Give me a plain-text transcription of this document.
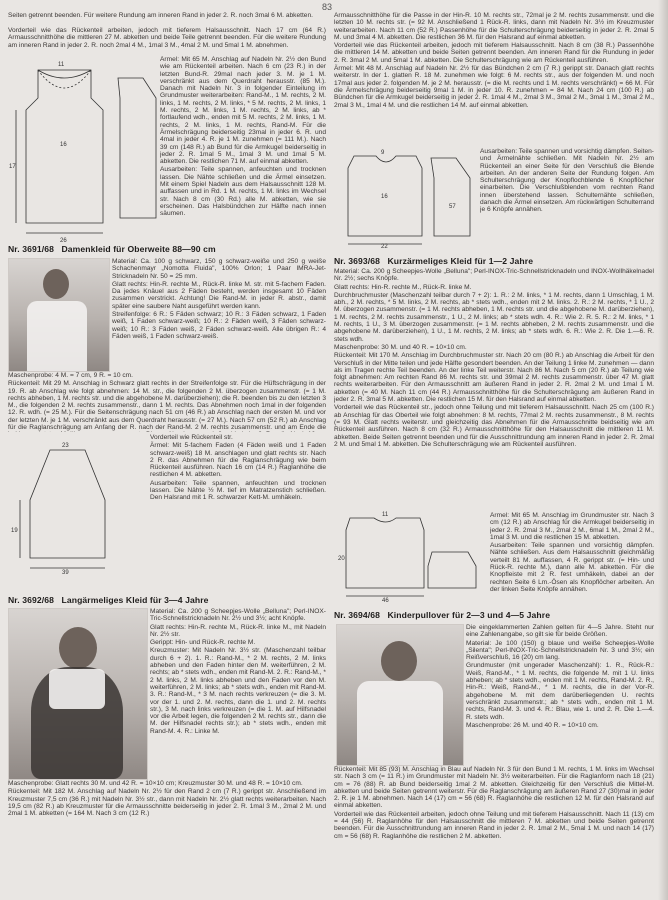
83

Seiten getrennt beenden. Für weitere Rundung am inneren Rand in jeder 2. R. noch 3mal 6 M. abketten.

Vorderteil wie das Rückenteil arbeiten, jedoch mit tieferem Halsausschnitt. Nach 17 cm (64 R.) Armausschnitthöhe die mittleren 27 M. abketten und beide Teile getrennt beenden. Für die weitere Rundung am inneren Rand in jeder 2. R. noch 2mal 4 M., 1mal 3 M., 4mal 2 M. und 5mal 1 M. abnehmen.

Ärmel: Mit 65 M. Anschlag auf Nadeln Nr. 2½ den Bund wie am Rückenteil arbeiten. Nach 6 cm (23 R.) in der letzten Bund-R. 29mal nach jeder 3. M. je 1 M. verschränkt aus dem Querdraht herausstr. (85 M.). Danach mit Nadeln Nr. 3 in folgender Einteilung im Grundmuster weiterarbeiten: Rand-M., 1 M. rechts, 2 M. links, 1 M. rechts, 2 M. links, * 5 M. rechts, 2 M. links, 1 M. rechts, 2 M. links, 1 M. rechts, 2 M. links, ab * fortlaufend wdh., enden mit 5 M. rechts, 2 M. links, 1 M. rechts, 2 M. links, 1 M. rechts, Rand-M. Für die Ärmelschrägung beiderseitig 23mal in jeder 6. R. und 4mal in jeder 4. R. je 1 M. zunehmen (= 111 M.). Nach 39 cm (148 R.) ab Bund für die Armkugel beiderseitig in jeder 2. R. 1mal 5 M., 1mal 3 M. und 1mal 5 M. abketten. Die restlichen 71 M. auf einmal abketten.

Ausarbeiten: Teile spannen, anfeuchten und trocknen lassen. Die Nähte schließen und die Ärmel einsetzen. Mit einem Spiel Nadeln aus dem Halsausschnitt 128 M. auffassen und in Rd. 1 M. rechts, 1 M. links im Wechsel str. Nach 8 cm (30 Rd.) alle M. abketten, wie sie erscheinen. Das Halsbündchen zur Hälfte nach innen säumen.

11
16
17
26
Nr. 3691/68 Damenkleid für Oberweite 88—90 cm

Material: Ca. 100 g schwarz, 150 g schwarz-weiße und 250 g weiße Schachenmayr „Nomotta Fluida", 100% Orlon; 1 Paar IMRA-Jet-Stricknadeln Nr. 50 = 25 mm.

Glatt rechts: Hin-R. rechte M., Rück-R. linke M. str. mit 5-fachem Faden. Da jedes Knäuel aus 2 Fäden besteht, werden insgesamt 10 Fäden zusammen verstrickt. Achtung! Die Rand-M. in jeder R. abstr., damit später eine saubere Naht ausgeführt werden kann.

Streifenfolge: 6 R.: 5 Fäden schwarz; 10 R.: 3 Fäden schwarz, 1 Faden weiß, 1 Faden schwarz-weiß; 10 R.: 2 Fäden weiß, 3 Fäden schwarz-weiß; 10 R.: 3 Fäden weiß, 2 Fäden schwarz-weiß. Alle übrigen R.: 4 Fäden weiß, 1 Faden schwarz-weiß.

Maschenprobe: 4 M. = 7 cm, 9 R. = 10 cm.

Rückenteil: Mit 29 M. Anschlag in Schwarz glatt rechts in der Streifenfolge str. Für die Hüftschrägung in der 19. R. ab Anschlag wie folgt abnehmen: 14 M. str., die folgenden 2 M. überzogen zusammenstr. (= 1 M. rechts abheben, 1 M. rechts str. und die abgehobene M. darüberziehen); die R. beenden bis zu den letzten 3 M., die folgenden 2 M. rechts zusammenstr., dann 1 M. rechts. Das Abnehmen noch 1mal in der folgenden 12. R. wdh. (= 25 M.). Für die Seitenschrägung nach 51 cm (46 R.) ab Anschlag nach der ersten M. und vor der letzten M. je 1 M. verschränkt aus dem Querdraht herausstr. (= 27 M.). Nach 57 cm (52 R.) ab Anschlag für die Raglanschrägung am Anfang der R. nach der Rand-M. 2 M. rechts zusammenstr. und am Ende die

23
19
39

Vorderteil wie Rückenteil str.

Ärmel: Mit 5-fachem Faden (4 Fäden weiß und 1 Faden schwarz-weiß) 18 M. anschlagen und glatt rechts str. Nach 2 R. das Abnehmen für die Raglanschrägung wie beim Rückenteil ausführen. Nach 16 cm (14 R.) Raglanhöhe die restlichen 4 M. abketten.

Ausarbeiten: Teile spannen, anfeuchten und trocknen lassen. Die Nähte ½ M. tief im Matratzenstich schließen. Den Halsrand mit 1 R. schwarzer Kett-M. umhäkeln.

Nr. 3692/68 Langärmeliges Kleid für 3—4 Jahre

Material: Ca. 200 g Scheepjes-Wolle „Bellunа"; Perl-INOX-Tric-Schnellstricknadeln Nr. 2½ und 3½; acht Knöpfe.

Glatt rechts: Hin-R. rechte M., Rück-R. linke M., mit Nadeln Nr. 2½ str.

Gerippt: Hin- und Rück-R. rechte M.

Kreuzmuster: Mit Nadeln Nr. 3½ str. (Maschenzahl teilbar durch 6 + 2). 1. R.: Rand-M., * 2 M. rechts, 2 M. links abheben und den Faden hinter den M. weiterführen, 2 M. rechts; ab * stets wdh., enden mit Rand-M. 2. R.: Rand-M., * 2 M. links, 2 M. links abheben und den Faden vor den M. weiterführen, 2 M. links; ab * stets wdh., enden mit Rand-M. 3. R.: Rand-M., * 3 M. nach rechts verkreuzen (= die 3. M. vor der 1. und 2. M. rechts, dann die 1. und 2. M. rechts str.), 3 M. nach links verkreuzen (= die 1. M. auf Hilfsnadel vor die Arbeit legen, die folgenden 2 M. rechts str., dann die M. der Hilfsnadel rechts str.); ab * stets wdh., enden mit Rand-M. 4. R.: Linke M.

Maschenprobe: Glatt rechts 30 M. und 42 R. = 10×10 cm; Kreuzmuster 30 M. und 48 R. = 10×10 cm.

Rückenteil: Mit 182 M. Anschlag auf Nadeln Nr. 2½ für den Rand 2 cm (7 R.) gerippt str. Anschließend im Kreuzmuster 7,5 cm (36 R.) mit Nadeln Nr. 3½ str., dann mit Nadeln Nr. 2½ glatt rechts weiterarbeiten. Nach 19,5 cm (82 R.) ab Kreuzmuster für die Armausschnitte beiderseitig in jeder 2. R. 1mal 3 M., 2mal 2 M. und 2mal 1 M. abketten (= 164 M. Nach 3 cm (12 R.)

Armausschnitthöhe für die Passe in der Hin-R. 10 M. rechts str., 72mal je 2 M. rechts zusammenstr. und die letzten 10 M. rechts str. (= 92 M. Anschließend 1 Rück-R. links, dann mit Nadeln Nr. 3½ im Kreuzmuster weiterarbeiten. Nach 11 cm (52 R.) Passenhöhe für die Schulterschrägung beiderseitig in jeder 2. R. 2mal 5 M. und 3mal 4 M. abketten. Die restlichen 36 M. für den Halsrand auf einmal abketten.

Vorderteil wie das Rückenteil arbeiten, jedoch mit tieferem Halsausschnitt. Nach 8 cm (38 R.) Passenhöhe die mittleren 14 M. abketten und beide Seiten getrennt beenden. Am inneren Rand für die Rundung in jeder 2. R. 3mal 2 M. und 5mal 1 M. abketten. Die Schulterschrägung wie am Rückenteil ausführen.

Ärmel: Mit 48 M. Anschlag auf Nadeln Nr. 2½ für das Bündchen 2 cm (7 R.) gerippt str. Danach glatt rechts weiterstr. In der 1. glatten R. 18 M. zunehmen wie folgt: 6 M. rechts str., aus der folgenden M. und noch 17mal aus jeder 2. folgenden M. je 2 M. herausstr. (= die M. rechts und 1 M. rechts verschränkt) = 66 M. Für die Ärmelschrägung beiderseitig 9mal 1 M. in jeder 10. R. zunehmen = 84 M. Nach 24 cm (100 R.) ab Bündchen für die Armkugel beiderseitig in jeder 2. R. 1mal 4 M., 2mal 3 M., 3mal 2 M., 3mal 1 M., 3mal 2 M., 2mal 3 M., 1mal 4 M. und die restlichen 14 M. auf einmal abketten.

9
16
22
57

Ausarbeiten: Teile spannen und vorsichtig dämpfen. Seiten- und Ärmelnähte schließen. Mit Nadeln Nr. 2½ am Rückenteil an einer Seite für den Verschluß die Blende arbeiten. An der anderen Seite der Rundung folgen. Am Schulterschrägung der Knopflochblende 6 Knopflöcher einarbeiten. Die Verschlußblenden vom rechten Rand innen überstehend lassen. Schulternähte schließen, danach die Ärmel einsetzen. Am rückwärtigen Schulterrand je 6 Knöpfe annähen.

Nr. 3693/68 Kurzärmeliges Kleid für 1—2 Jahre

Material: Ca. 200 g Scheepjes-Wolle „Belluna"; Perl-INOX-Tric-Schnellstricknadeln und INOX-Wollhäkelnadel Nr. 2½; sechs Knöpfe.

Glatt rechts: Hin-R. rechte M., Rück-R. linke M.

Durchbruchmuster (Maschenzahl teilbar durch 7 + 2): 1. R.: 2 M. links, * 1 M. rechts, dann 1 Umschlag, 1 M. abh., 2 M. rechts, * 5 M. links, 2 M. rechts, ab * stets wdh., enden mit 2 M. links. 2. R.: 2 M. rechts, * 1 U., 2 M. überzogen zusammenstr. (= 1 M. rechts abheben, 1 M. rechts str. und die abgehobene M. darüberziehen), 1 M. rechts, 2 M. rechts zusammenstr., 1 U., 2 M. links; ab * stets wdh. 4. R.: Wie 2. R. 5. R.: 2 M. links, * 1 M. rechts, 1 U., 3 M. überzogen zusammenstr. (= 1 M. rechts abheben, 2 M. rechts zusammenstr. und die abgehobene M. darüberziehen), 1 U., 1 M. rechts, 2 M. links; ab * stets wdh. 6. R.: Wie 2. R. Die 1.—6. R. stets wdh.

Maschenprobe: 30 M. und 40 R. = 10×10 cm.

Rückenteil: Mit 170 M. Anschlag im Durchbruchmuster str. Nach 20 cm (80 R.) ab Anschlag die Arbeit für den Verschluß in der Mitte teilen und jede Hälfte gesondert beenden. An der Teilung 1 linke M. zunehmen — dann als im Tragen rechte Teil beenden. An der linke Teil weiterstr. Nach 86 M. Nach 5 cm (20 R.) ab Teilung wie folgt abnehmen: Am rechten Rand 86 M. rechts str. und 39mal 2 M. rechts zusammenstr. über 47 M. glatt rechts weiterarbeiten. Für den Armausschnitt am äußeren Rand in jeder 2. R. 2mal 2 M. und 1mal 1 M. abketten (= 40 M. Nach 11 cm (44 R.) Armausschnitthöhe für die Schulterschrägung am äußeren Rand in jeder 2. R. 3mal 5 M. abketten. Die restlichen 15 M. für den Halsrand auf einmal abketten.

Vorderteil wie das Rückenteil str., jedoch ohne Teilung und mit tieferem Halsausschnitt. Nach 25 cm (100 R.) ab Anschlag für das Oberteil wie folgt abnehmen: 8 M. rechts, 77mal 2 M. rechts zusammenstr., 8 M. rechts (= 93 M. Glatt rechts weiterstr. und gleichzeitig das Abnehmen für die Armausschnitte beidseitig wie am Rückenteil ausführen. Nach 8 cm (32 R.) Armausschnitthöhe für den Halsausschnitt die mittleren 11 M. abketten. Beide Seiten getrennt beenden und für die Ausschnittrundung am inneren Rand in jeder 2. R. 2mal 2 M. und 5mal 1 M. abketten. Die Schulterschrägung wie am Rückenteil ausführen.

11
20
46

Ärmel: Mit 65 M. Anschlag im Grundmuster str. Nach 3 cm (12 R.) ab Anschlag für die Armkugel beiderseitig in jeder 2. R. 2mal 3 M., 2mal 2 M., 6mal 1 M., 2mal 2 M., 1mal 3 M. und die restlichen 15 M. abketten.

Ausarbeiten: Teile spannen und vorsichtig dämpfen. Nähte schließen. Aus dem Halsausschnitt gleichmäßig verteilt 81 M. auffassen, 4 R. gerippt str. (= Hin- und Rück-R. rechte M.), dann alle M. abketten. Für die Knopfleiste mit 2 R. fest umhäkeln, dabei an der rechten Seite 6 Lm.-Ösen als Knopflöcher arbeiten. An der linken Seite Knöpfe annähen.

Nr. 3694/68 Kinderpullover für 2—3 und 4—5 Jahre

Die eingeklammerten Zahlen gelten für 4—5 Jahre. Steht nur eine Zahlenangabe, so gilt sie für beide Größen.

Material: Je 100 (150) g blaue und weiße Scheepjes-Wolle „Silenta"; Perl-INOX-Tric-Schnellstricknadeln Nr. 3 und 3½; ein Reißverschluß, 16 (20) cm lang.

Grundmuster (mit ungerader Maschenzahl): 1. R., Rück-R.: Weiß, Rand-M., * 1 M. rechts, die folgende M. mit 1 U. links abheben; ab * stets wdh., enden mit 1 M. rechts, Rand-M. 2. R., Hin-R.: Weiß, Rand-M., * 1 M. rechts, die in der Vor-R. abgehobene M. mit dem darüberliegenden U. rechts verschränkt zusammenstr.; ab * stets wdh., enden mit 1 M. rechts, Rand-M. 3. und 4. R.: Blau, wie 1. und 2. R. Die 1.—4. R. stets wdh.

Maschenprobe: 26 M. und 40 R. = 10×10 cm.

Rückenteil: Mit 85 (93) M. Anschlag in Blau auf Nadeln Nr. 3 für den Bund 1 M. rechts, 1 M. links im Wechsel str. Nach 3 cm (= 11 R.) im Grundmuster mit Nadeln Nr. 3½ weiterarbeiten. Für die Raglanform nach 18 (21) cm = 76 (88) R. ab Bund beiderseitig 1mal 2 M. abketten. Gleichzeitig für den Verschluß die Mittel-M. abketten und beide Seiten getrennt weiterstr. Für die Raglanschrägung am äußeren Rand 27 (30)mal in jeder 2. R. je 1 M. abnehmen. Nach 14 (17) cm = 56 (68) R. Raglanhöhe die restlichen 12 M. für den Halsrand auf einmal abketten.

Vorderteil wie das Rückenteil arbeiten, jedoch ohne Teilung und mit tieferem Halsausschnitt. Nach 11 (13) cm = 44 (56) R. Raglanhöhe für den Halsausschnitt die mittleren 7 M. abketten und beide Seiten getrennt beenden. Für die Ausschnittrundung am inneren Rand in jeder 2. R. 1mal 2 M., 5mal 1 M. und nach 14 (17) cm = 56 (68) R. Raglanhöhe die restlichen 2 M. abketten.
